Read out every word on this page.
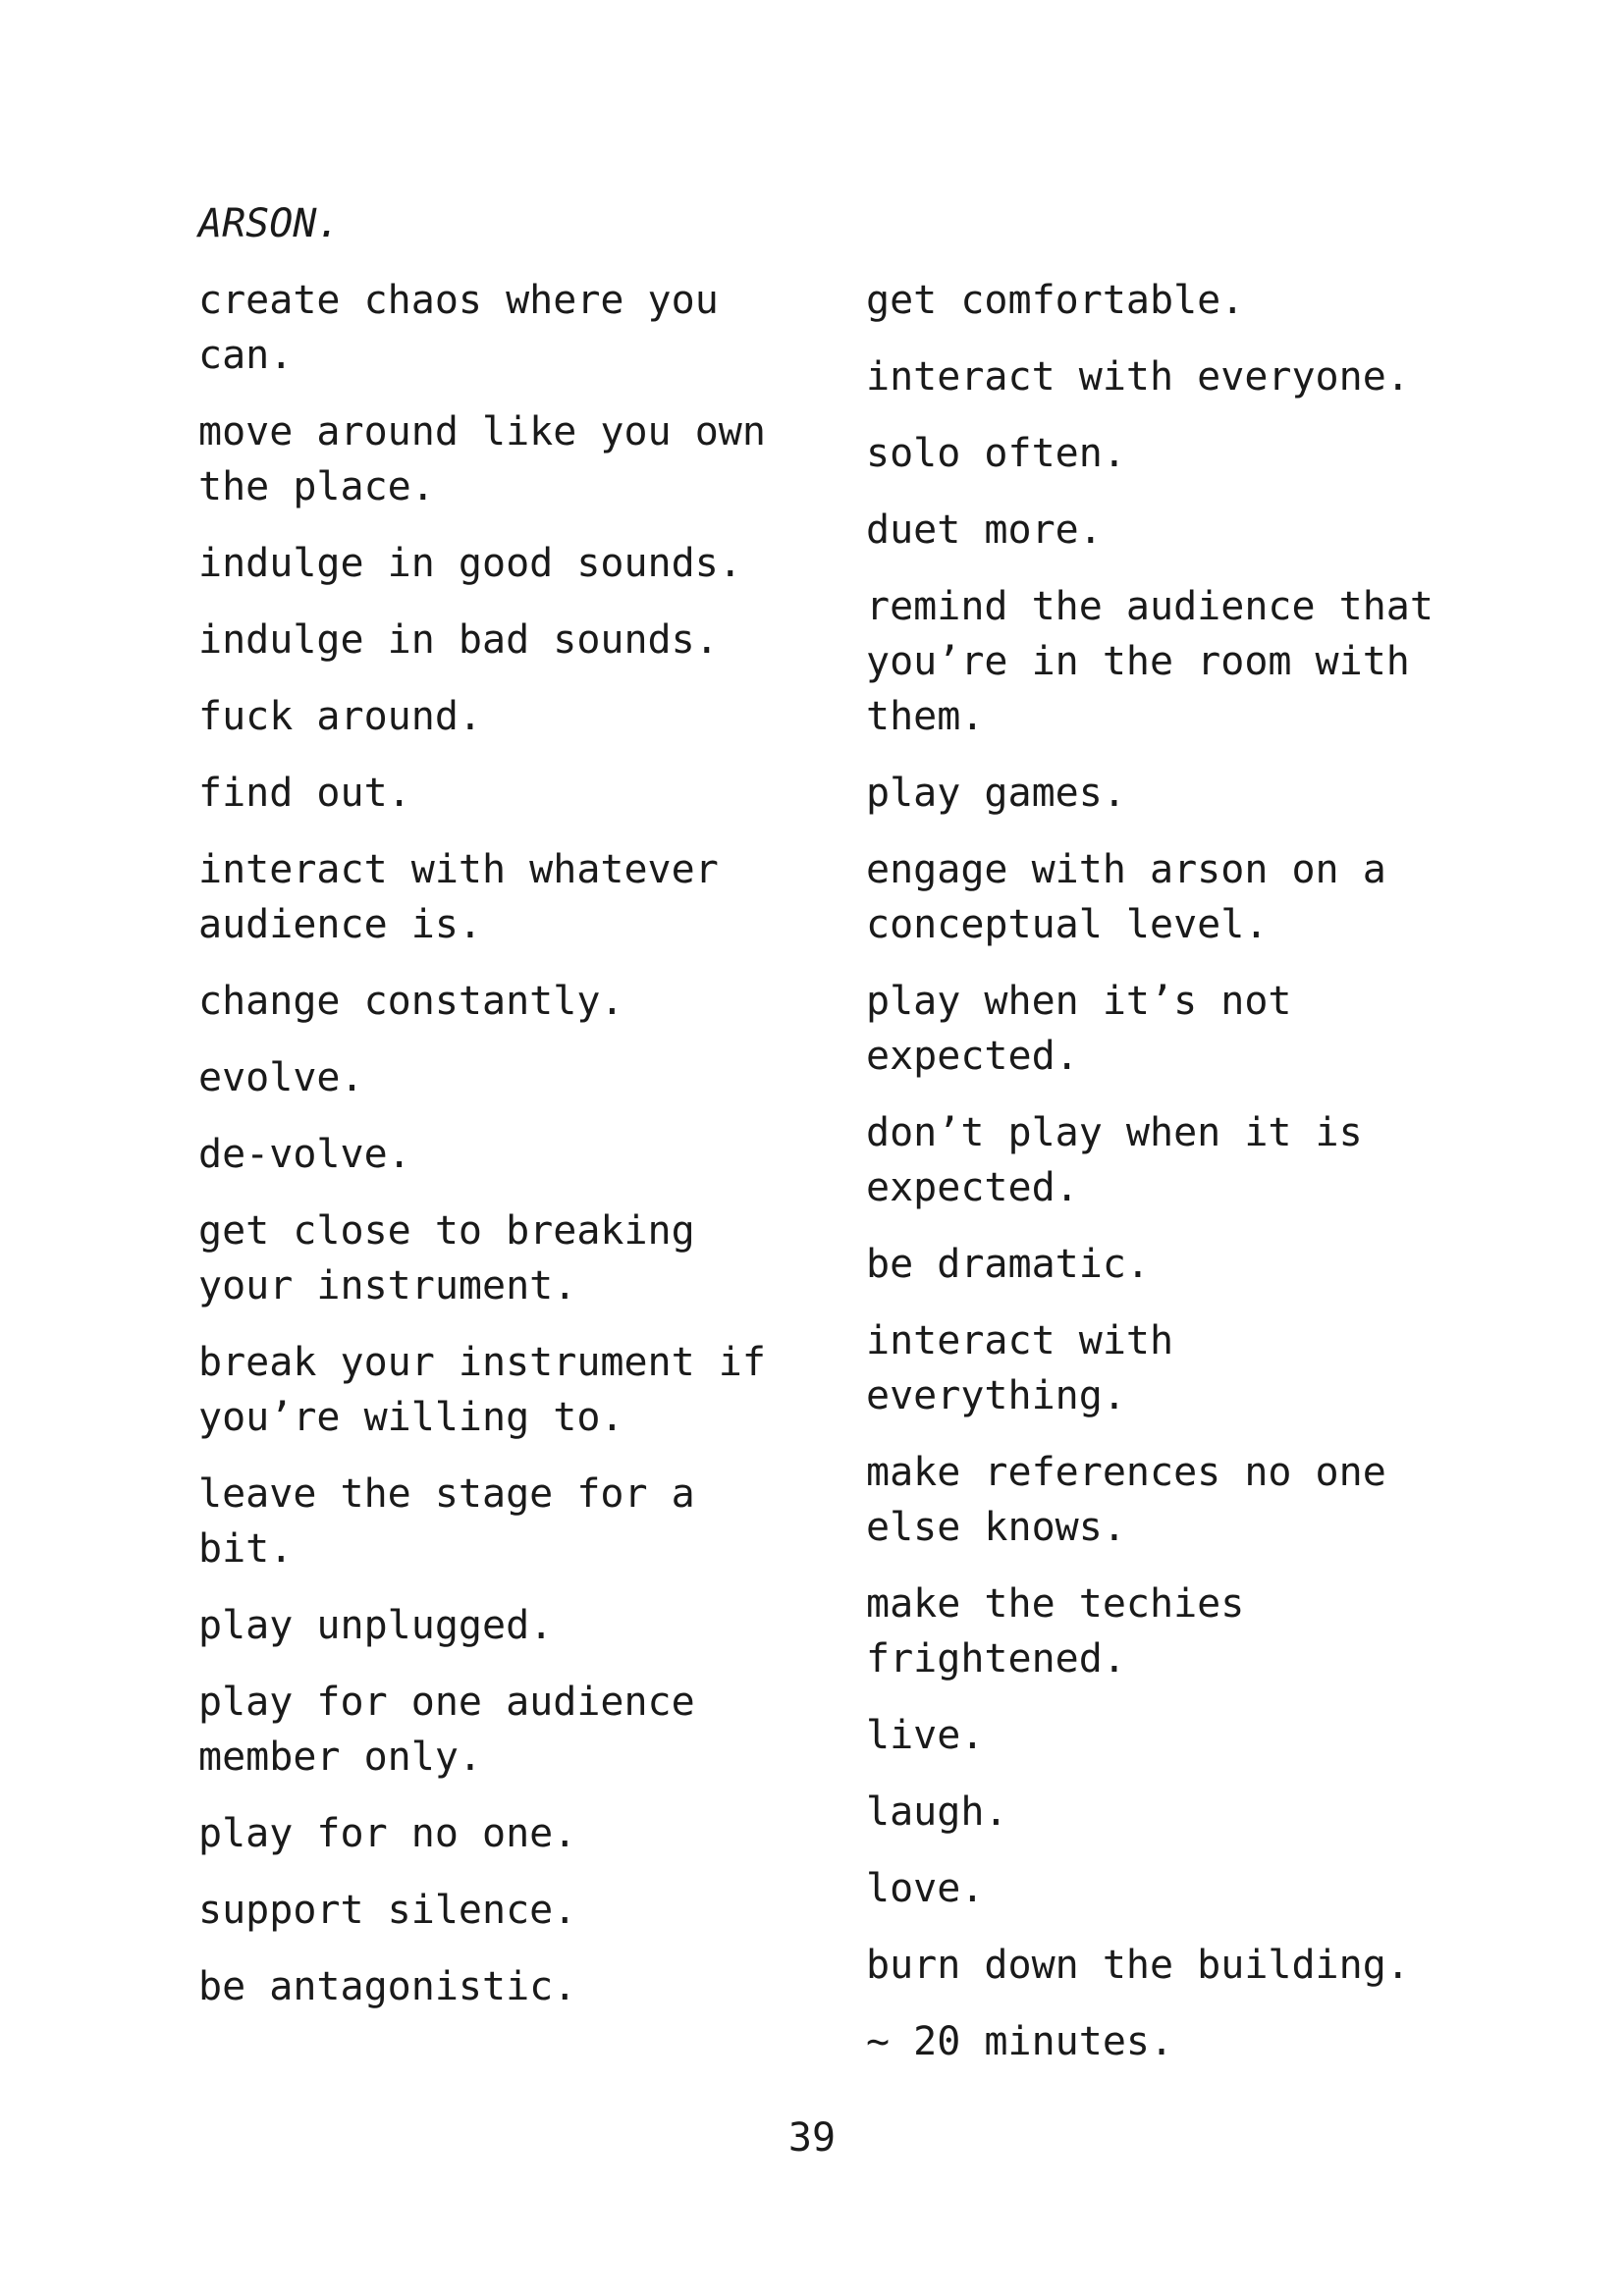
ARSON.
create chaos where you can.
move around like you own the place.
indulge in good sounds.
indulge in bad sounds.
fuck around.
find out.
interact with whatever audience is.
change constantly.
evolve.
de-volve.
get close to breaking your instrument.
break your instrument if you’re willing to.
leave the stage for a bit.
play unplugged.
play for one audience member only.
play for no one.
support silence.
be antagonistic.
get comfortable.
interact with everyone.
solo often.
duet more.
remind the audience that you’re in the room with them.
play games.
engage with arson on a conceptual level.
play when it’s not expected.
don’t play when it is expected.
be dramatic.
interact with everything.
make references no one else knows.
make the techies frightened.
live.
laugh.
love.
burn down the building.
~ 20 minutes.
39
